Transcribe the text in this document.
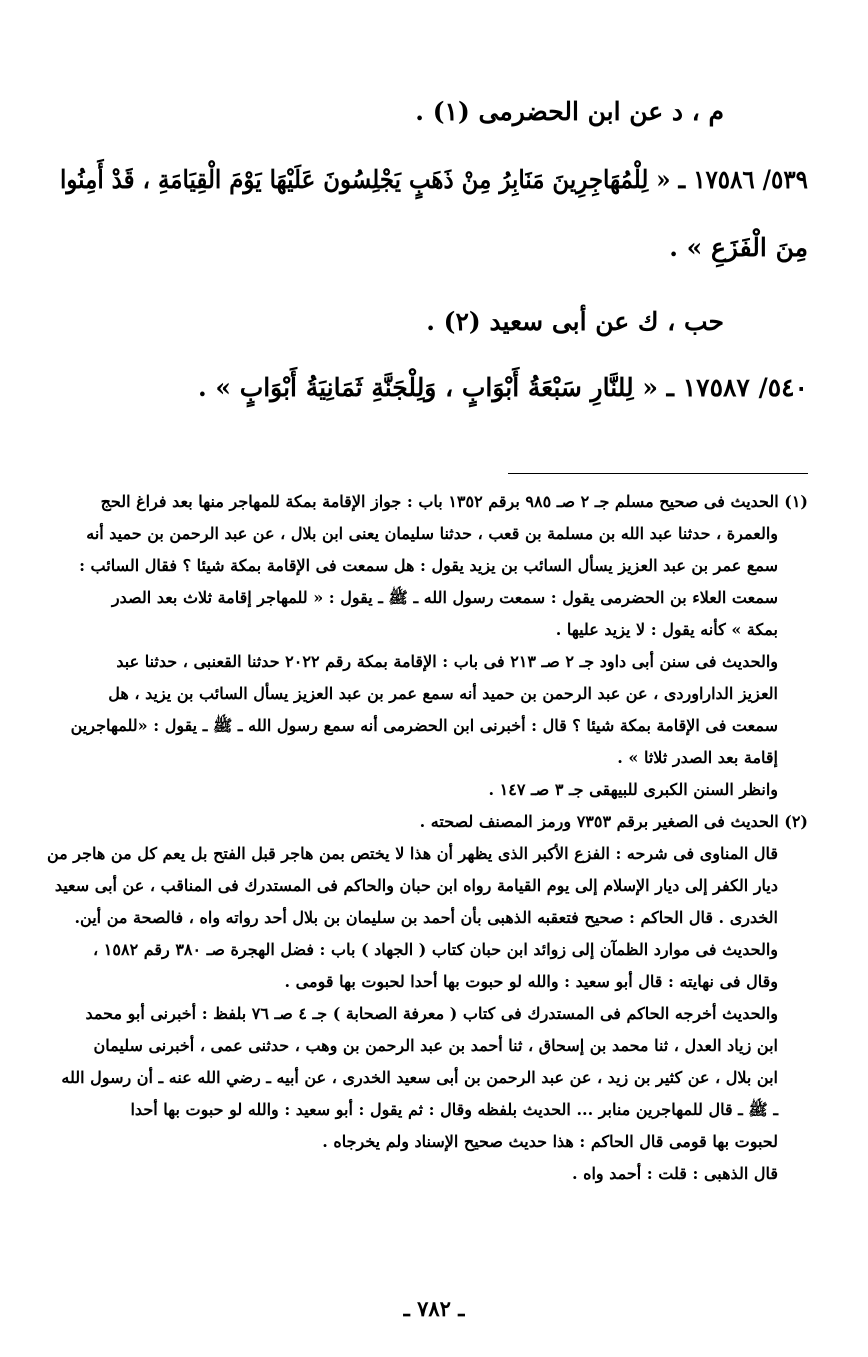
م ، د عن ابن الحضرمى (١) .
٥٣٩/ ١٧٥٨٦ ـ « لِلْمُهَاجِرِينَ مَنَابِرُ مِنْ ذَهَبٍ يَجْلِسُونَ عَلَيْهَا يَوْمَ الْقِيَامَةِ ، قَدْ أَمِنُوا
مِنَ الْفَزَعِ » .
حب ، ك عن أبى سعيد (٢) .
٥٤٠/ ١٧٥٨٧ ـ « لِلنَّارِ سَبْعَةُ أَبْوَابٍ ، وَلِلْجَنَّةِ ثَمَانِيَةُ أَبْوَابٍ » .
(١) الحديث فى صحيح مسلم جـ ٢ صـ ٩٨٥ برقم ١٣٥٢ باب : جواز الإقامة بمكة للمهاجر منها بعد فراغ الحج
والعمرة ، حدثنا عبد الله بن مسلمة بن قعب ، حدثنا سليمان يعنى ابن بلال ، عن عبد الرحمن بن حميد أنه
سمع عمر بن عبد العزيز يسأل السائب بن يزيد يقول : هل سمعت فى الإقامة بمكة شيئا ؟ فقال السائب :
سمعت العلاء بن الحضرمى يقول : سمعت رسول الله ـ ﷺ ـ يقول : « للمهاجر إقامة ثلاث بعد الصدر
بمكة » كأنه يقول : لا يزيد عليها .
والحديث فى سنن أبى داود جـ ٢ صـ ٢١٣ فى باب : الإقامة بمكة رقم ٢٠٢٢ حدثنا القعنبى ، حدثنا عبد
العزيز الداراوردى ، عن عبد الرحمن بن حميد أنه سمع عمر بن عبد العزيز يسأل السائب بن يزيد ، هل
سمعت فى الإقامة بمكة شيئا ؟ قال : أخبرنى ابن الحضرمى أنه سمع رسول الله ـ ﷺ ـ يقول : «للمهاجرين
إقامة بعد الصدر ثلاثا » .
وانظر السنن الكبرى للبيهقى جـ ٣ صـ ١٤٧ .
(٢) الحديث فى الصغير برقم ٧٣٥٣ ورمز المصنف لصحته .
قال المناوى فى شرحه : الفزع الأكبر الذى يظهر أن هذا لا يختص بمن هاجر قبل الفتح بل يعم كل من هاجر من
ديار الكفر إلى ديار الإسلام إلى يوم القيامة رواه ابن حبان والحاكم فى المستدرك فى المناقب ، عن أبى سعيد
الخدرى . قال الحاكم : صحيح فتعقبه الذهبى بأن أحمد بن سليمان بن بلال أحد رواته واه ، فالصحة من أين.
والحديث فى موارد الظمآن إلى زوائد ابن حبان كتاب ( الجهاد ) باب : فضل الهجرة صـ ٣٨٠ رقم ١٥٨٢ ،
وقال فى نهايته : قال أبو سعيد : والله لو حبوت بها أحدا لحبوت بها قومى .
والحديث أخرجه الحاكم فى المستدرك فى كتاب ( معرفة الصحابة ) جـ ٤ صـ ٧٦ بلفظ : أخبرنى أبو محمد
ابن زياد العدل ، ثنا محمد بن إسحاق ، ثنا أحمد بن عبد الرحمن بن وهب ، حدثنى عمى ، أخبرنى سليمان
ابن بلال ، عن كثير بن زيد ، عن عبد الرحمن بن أبى سعيد الخدرى ، عن أبيه ـ رضي الله عنه ـ أن رسول الله
ـ ﷺ ـ قال للمهاجرين منابر ... الحديث بلفظه وقال : ثم يقول : أبو سعيد : والله لو حبوت بها أحدا
لحبوت بها قومى قال الحاكم : هذا حديث صحيح الإسناد ولم يخرجاه .
قال الذهبى : قلت : أحمد واه .
ـ ٧٨٢ ـ
